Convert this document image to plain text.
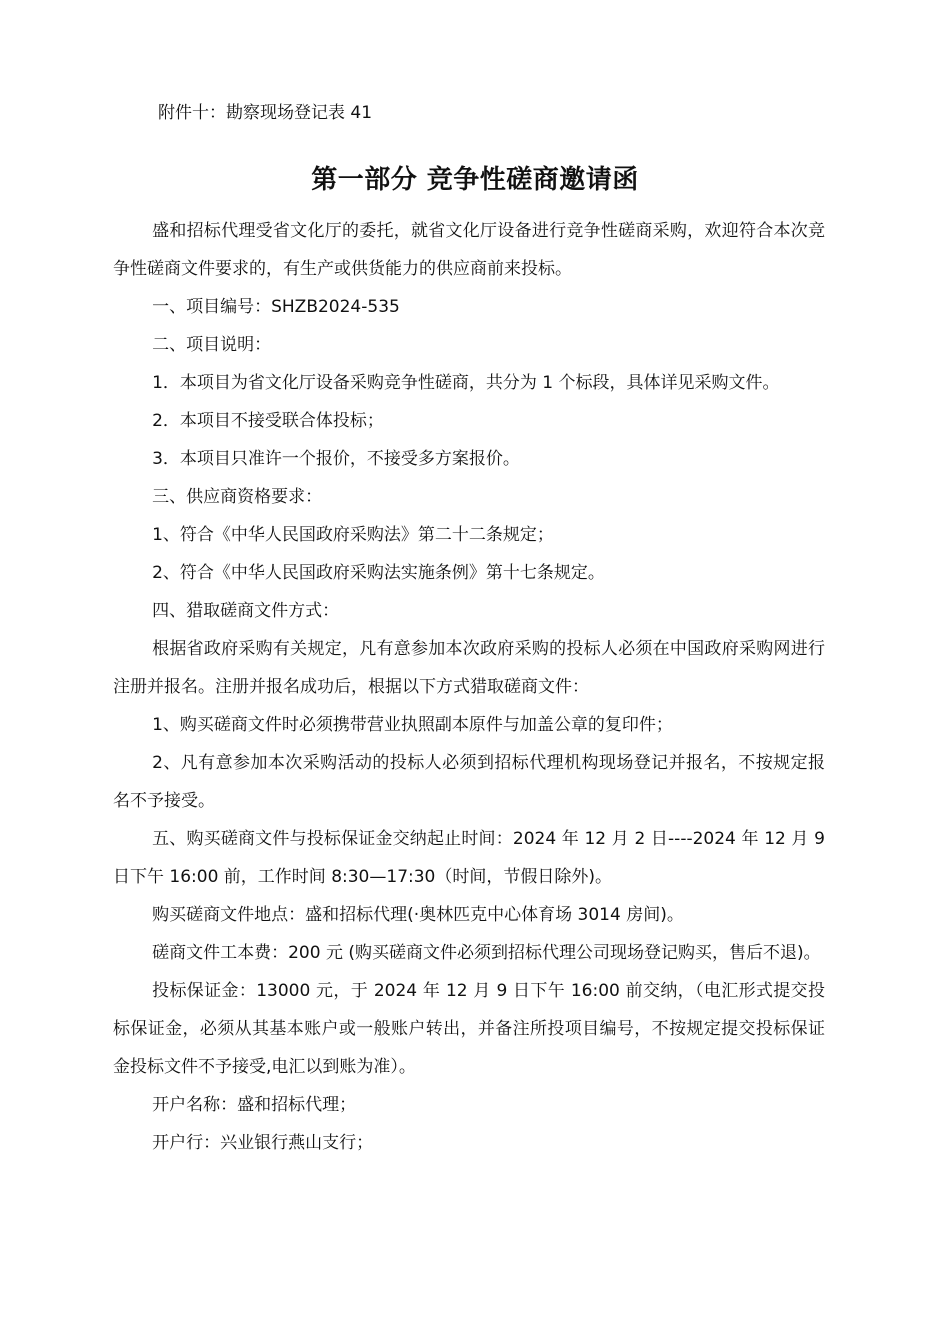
附件十：勘察现场登记表 41
第一部分 竞争性磋商邀请函

盛和招标代理受省文化厅的委托，就省文化厅设备进行竞争性磋商采购，欢迎符合本次竞争性磋商文件要求的，有生产或供货能力的供应商前来投标。

一、项目编号：SHZB2024-535

二、项目说明：

1．本项目为省文化厅设备采购竞争性磋商，共分为 1 个标段，具体详见采购文件。

2．本项目不接受联合体投标；

3．本项目只准许一个报价，不接受多方案报价。

三、供应商资格要求：

1、符合《中华人民国政府采购法》第二十二条规定；

2、符合《中华人民国政府采购法实施条例》第十七条规定。

四、猎取磋商文件方式：

根据省政府采购有关规定，凡有意参加本次政府采购的投标人必须在中国政府采购网进行注册并报名。注册并报名成功后，根据以下方式猎取磋商文件：

1、购买磋商文件时必须携带营业执照副本原件与加盖公章的复印件；

2、凡有意参加本次采购活动的投标人必须到招标代理机构现场登记并报名，不按规定报名不予接受。

五、购买磋商文件与投标保证金交纳起止时间：2024 年 12 月 2 日----2024 年 12 月 9 日下午 16:00 前，工作时间 8:30—17:30（时间，节假日除外)。

购买磋商文件地点：盛和招标代理(·奥林匹克中心体育场 3014 房间)。

磋商文件工本费：200 元 (购买磋商文件必须到招标代理公司现场登记购买，售后不退)。

投标保证金：13000 元，于 2024 年 12 月 9 日下午 16:00 前交纳，（电汇形式提交投标保证金，必须从其基本账户或一般账户转出，并备注所投项目编号，不按规定提交投标保证金投标文件不予接受,电汇以到账为准）。

开户名称：盛和招标代理；

开户行：兴业银行燕山支行；
